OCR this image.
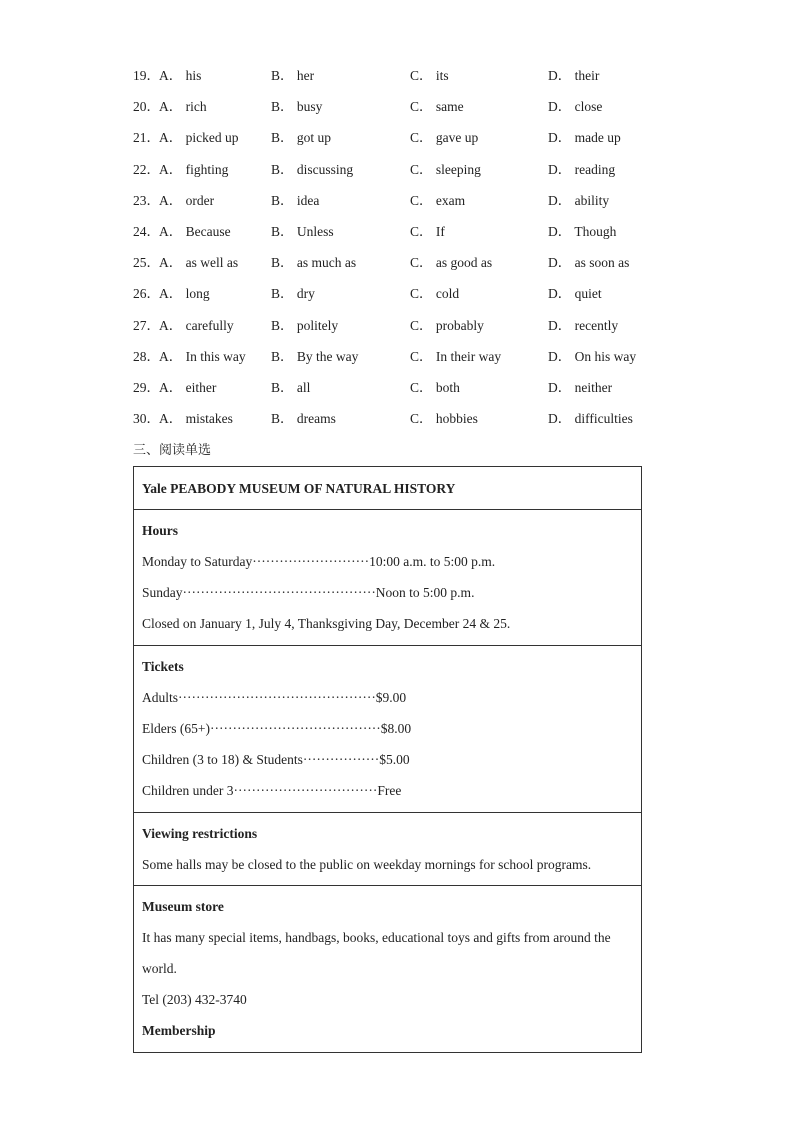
19． A． his	B． her	C． its	D． their
20． A． rich	B． busy	C． same	D． close
21． A． picked up B． got up	C． gave up	D． made up
22． A． fighting	B． discussing	C． sleeping	D． reading
23． A． order	B． idea	C． exam	D． ability
24． A． Because	B． Unless	C． If	D． Though
25． A． as well as B． as much as	C． as good as	D． as soon as
26． A． long	B． dry	C． cold	D． quiet
27． A． carefully	B． politely	C． probably	D． recently
28． A． In this way B． By the way	C． In their way	D． On his way
29． A． either	B． all	C． both	D． neither
30． A． mistakes	B． dreams	C． hobbies	D． difficulties
三、阅读单选
Yale PEABODY MUSEUM OF NATURAL HISTORY
Hours
Monday to Saturday··························10:00 a.m. to 5:00 p.m.
Sunday···········································Noon to 5:00 p.m.
Closed on January 1, July 4, Thanksgiving Day, December 24 & 25.
Tickets
Adults············································$9.00
Elders (65+)······································$8.00
Children (3 to 18) & Students·················$5.00
Children under 3································Free
Viewing restrictions
Some halls may be closed to the public on weekday mornings for school programs.
Museum store
It has many special items, handbags, books, educational toys and gifts from around the
world.
Tel (203) 432-3740
Membership
